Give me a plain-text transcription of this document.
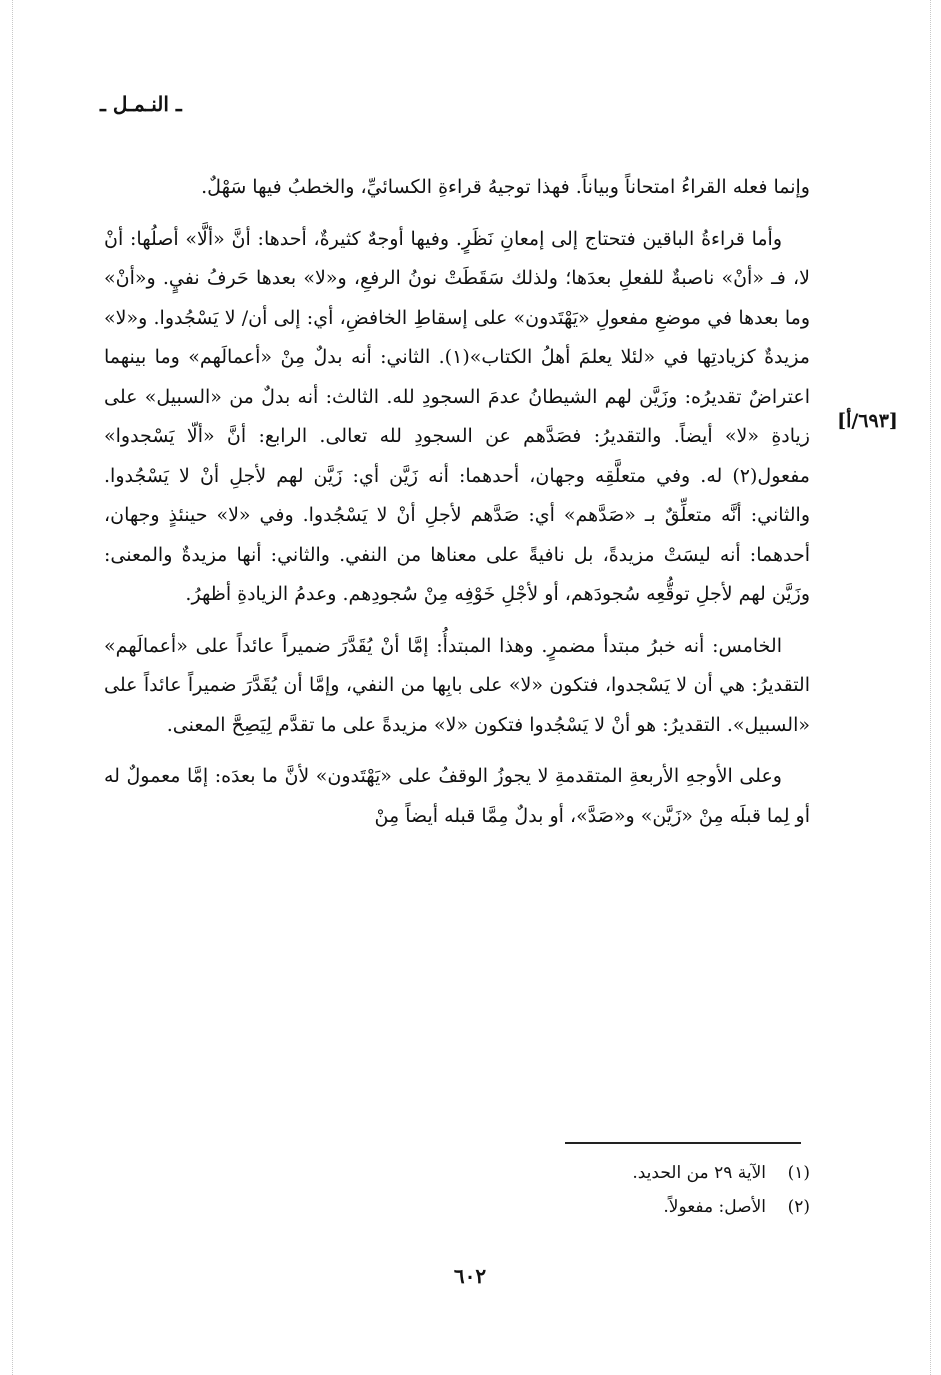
ـ النـمـل ـ
[٦٩٣/أ]

وإنما فعله القراءُ امتحاناً وبياناً. فهذا توجيهُ قراءةِ الكسائيِّ، والخطبُ فيها سَهْلٌ.

وأما قراءةُ الباقين فتحتاج إلى إمعانِ نَظَرٍ. وفيها أوجهٌ كثيرةٌ، أحدها: أنَّ «ألَّا» أصلُها: أنْ لا، فـ «أنْ» ناصبةٌ للفعلِ بعدَها؛ ولذلك سَقَطَتْ نونُ الرفعِ، و«لا» بعدها حَرفُ نفيٍ. و«أنْ» وما بعدها في موضعِ مفعولِ «يَهْتَدون» على إسقاطِ الخافضِ، أي: إلى أن/ لا يَسْجُدوا. و«لا» مزيدةٌ كزيادتِها في «لئلا يعلمَ أهلُ الكتاب»(١). الثاني: أنه بدلٌ مِنْ «أعمالَهم» وما بينهما اعتراضٌ تقديرُه: وزَيَّن لهم الشيطانُ عدمَ السجودِ لله. الثالث: أنه بدلٌ من «السبيل» على زيادةِ «لا» أيضاً. والتقديرُ: فصَدَّهم عن السجودِ لله تعالى. الرابع: أنَّ «ألّا يَسْجدوا» مفعول(٢) له. وفي متعلَّقِه وجهان، أحدهما: أنه زَيَّن أي: زَيَّن لهم لأجلِ أنْ لا يَسْجُدوا. والثاني: أنَّه متعلِّقٌ بـ «صَدَّهم» أي: صَدَّهم لأجلِ أنْ لا يَسْجُدوا. وفي «لا» حينئذٍ وجهان، أحدهما: أنه ليسَتْ مزيدةً، بل نافيةً على معناها من النفي. والثاني: أنها مزيدةٌ والمعنى: وزَيَّن لهم لأجلِ توقُّعِه سُجودَهم، أو لأجْلِ خَوْفِه مِنْ سُجودِهم. وعدمُ الزيادةِ أظهرُ.

الخامس: أنه خبرُ مبتدأ مضمرٍ. وهذا المبتدأُ: إمَّا أنْ يُقَدَّرَ ضميراً عائداً على «أعمالَهم» التقديرُ: هي أن لا يَسْجدوا، فتكون «لا» على بابِها من النفي، وإمَّا أن يُقَدَّرَ ضميراً عائداً على «السبيل». التقديرُ: هو أنْ لا يَسْجُدوا فتكون «لا» مزيدةً على ما تقدَّم لِيَصِحَّ المعنى.

وعلى الأوجهِ الأربعةِ المتقدمةِ لا يجوزُ الوقفُ على «يَهْتَدون» لأنَّ ما بعدَه: إمَّا معمولٌ له أو لِما قبلَه مِنْ «زَيَّن» و«صَدَّ»، أو بدلٌ مِمَّا قبله أيضاً مِنْ

(١)
الآية ٢٩ من الحديد.
(٢)
الأصل: مفعولاً.
٦٠٢
